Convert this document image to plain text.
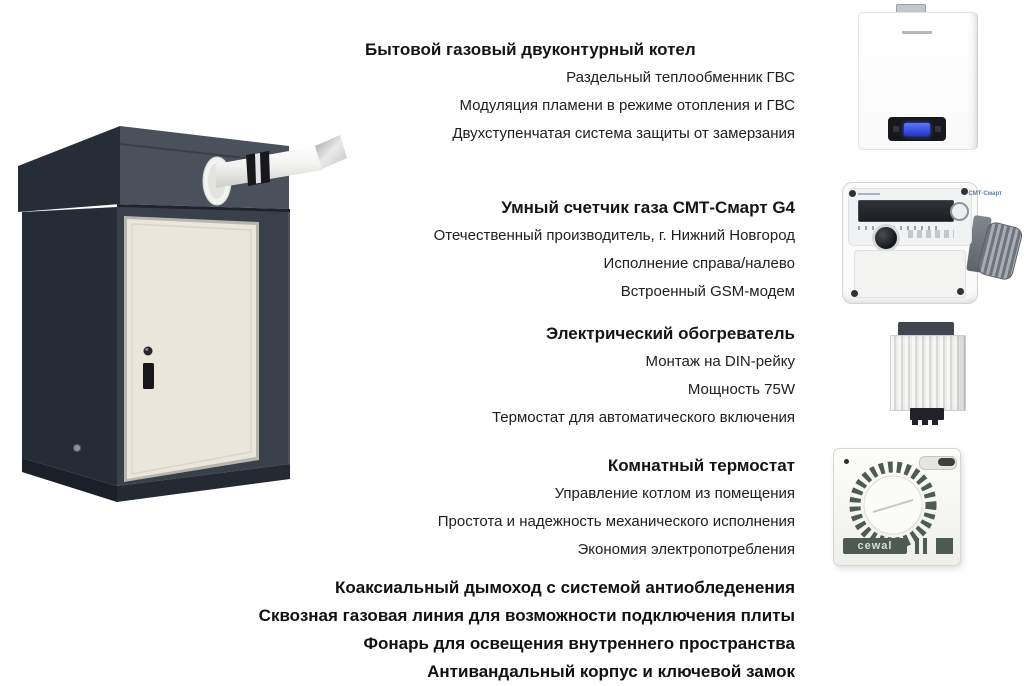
Бытовой газовый двуконтурный котел
Раздельный теплообменник ГВС
Модуляция пламени в режиме отопления и ГВС
Двухступенчатая система защиты от замерзания
Умный счетчик газа СМТ-Смарт G4
Отечественный производитель, г. Нижний Новгород
Исполнение справа/налево
Встроенный GSM-модем
Электрический обогреватель
Монтаж на DIN-рейку
Мощность 75W
Термостат для автоматического включения
Комнатный термостат
Управление котлом из помещения
Простота и надежность механического исполнения
Экономия электропотребления
Коаксиальный дымоход с системой антиобледенения
Сквозная газовая линия для возможности подключения плиты
Фонарь для освещения внутреннего пространства
Антивандальный корпус и ключевой замок
СМТ-Смарт
cewal
